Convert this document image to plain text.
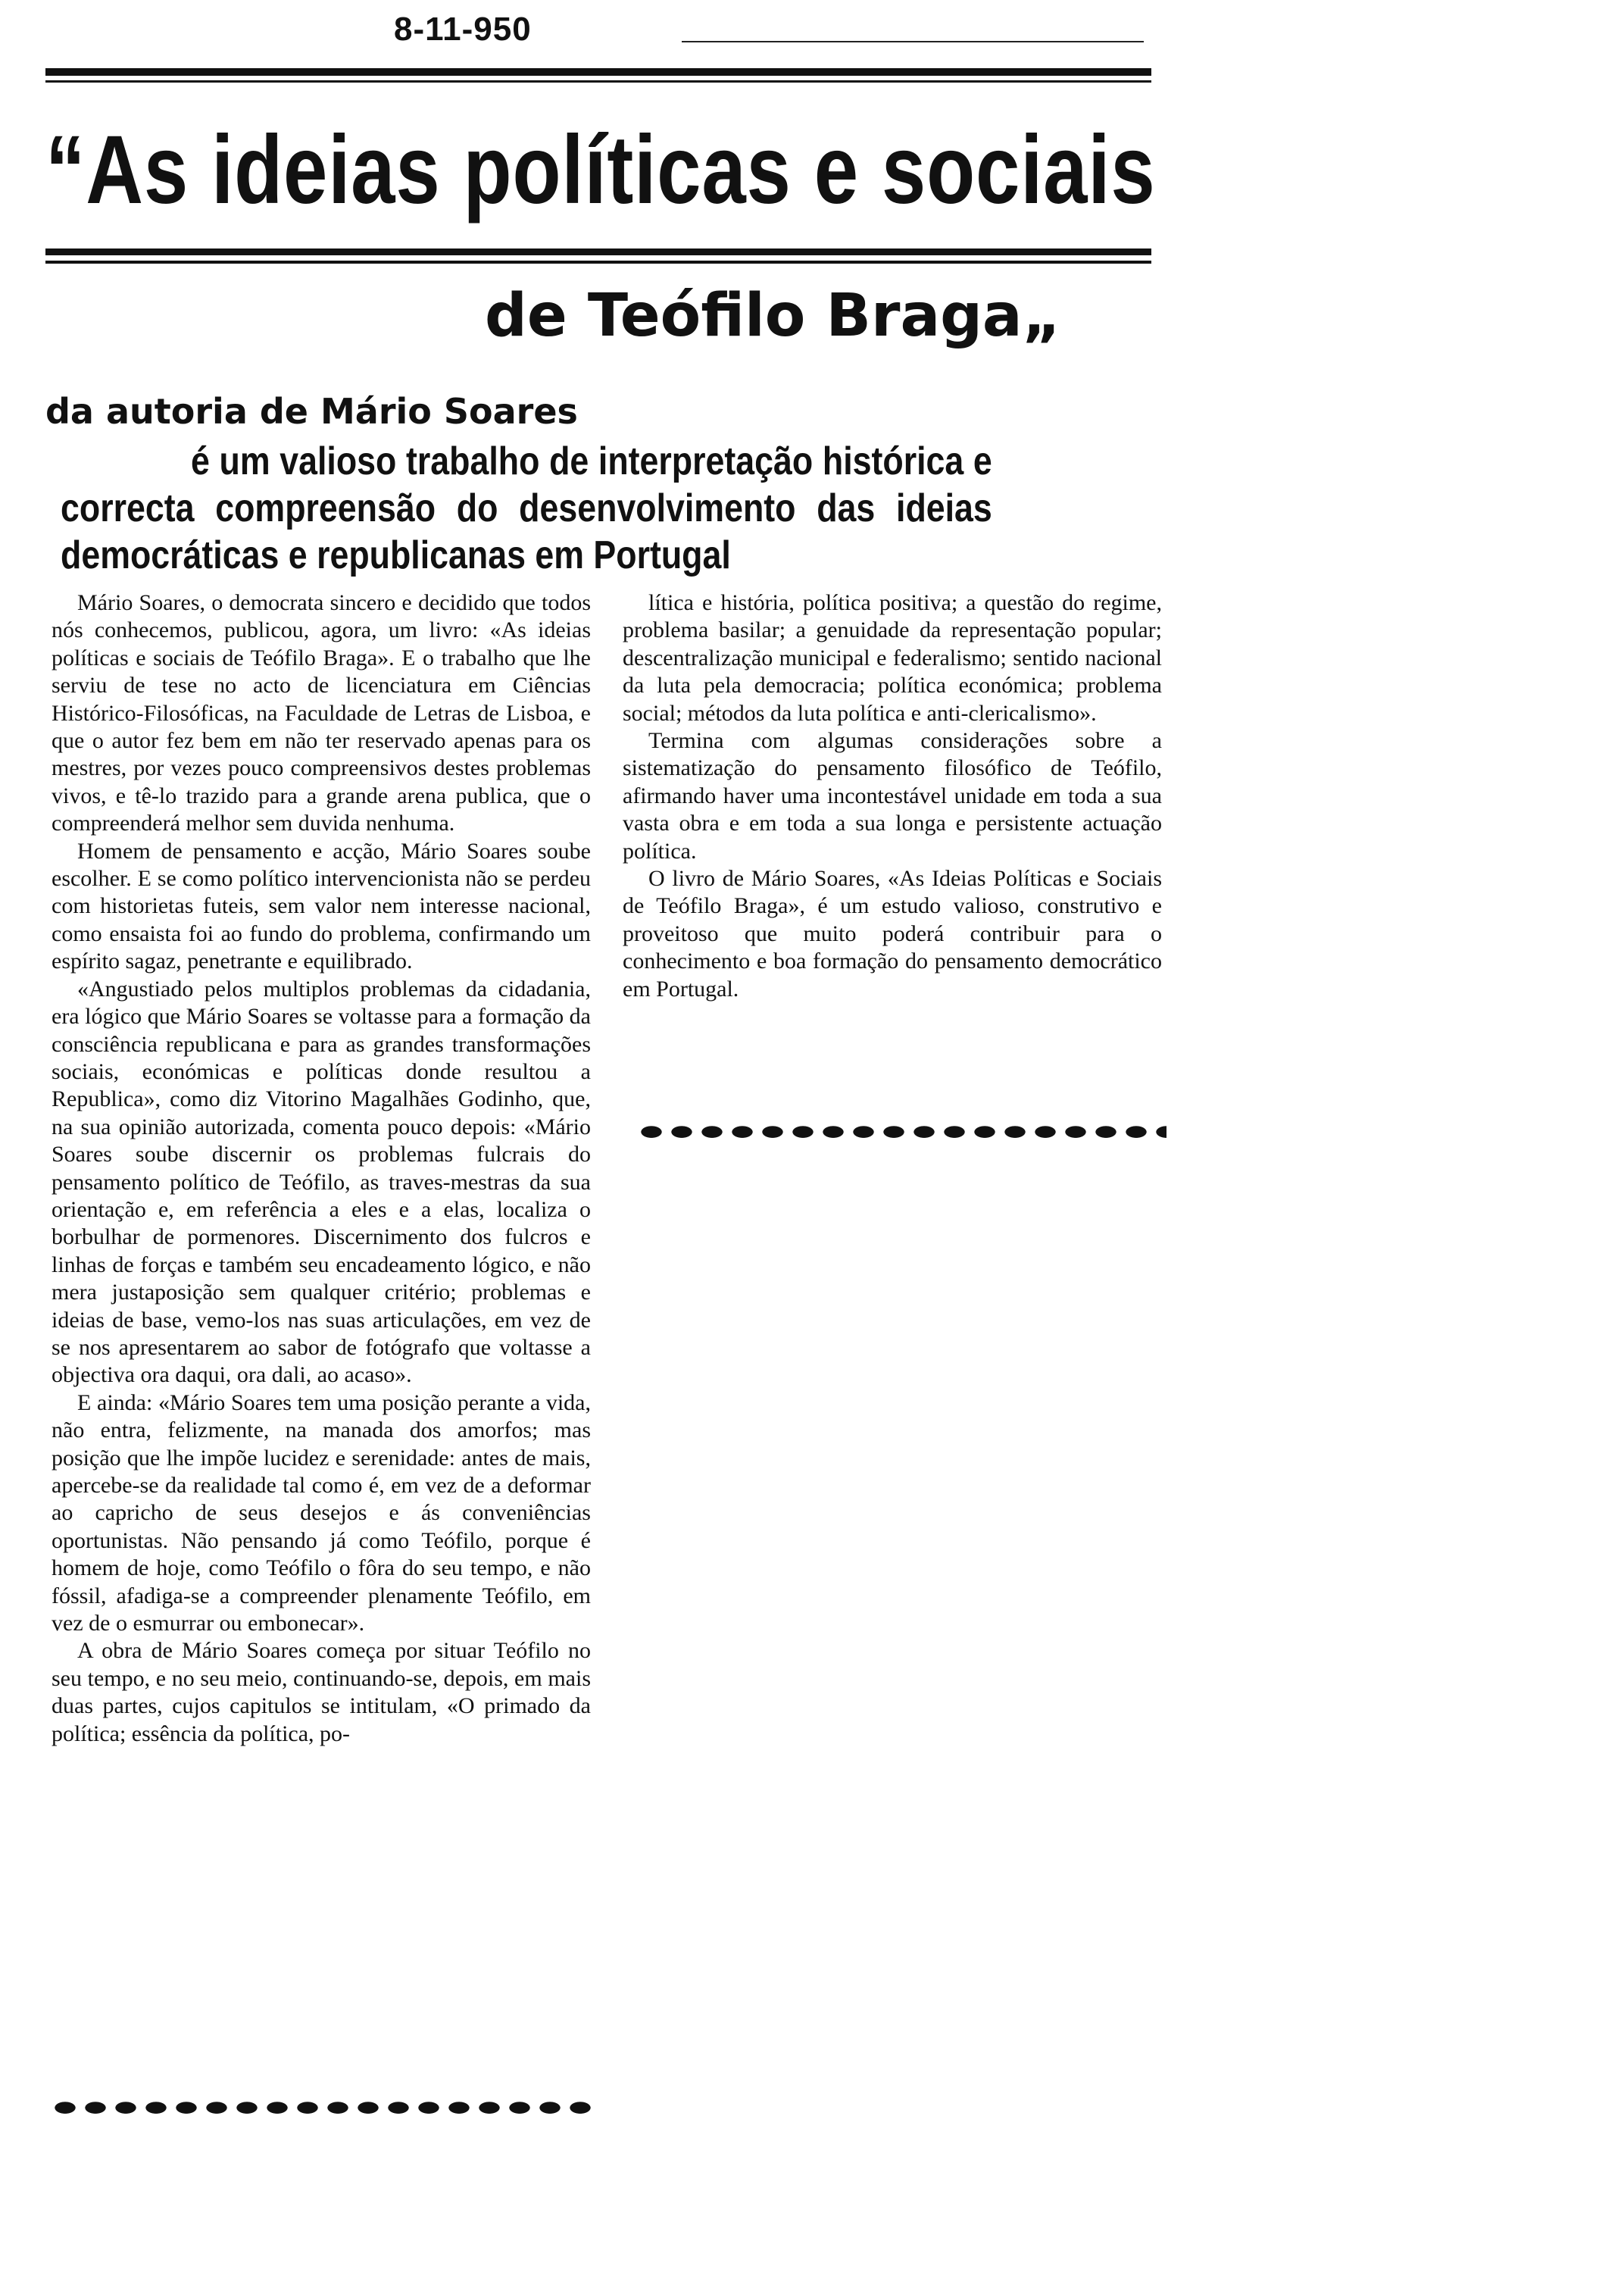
8-11-950
“As ideias políticas e sociais
de Teófilo Braga„
da autoria de Mário Soares
é um valioso trabalho de interpretação histórica e correcta compreensão do desenvolvimento das ideias democráticas e republicanas em Portugal

Mário Soares, o democrata sincero e decidido que todos nós conhecemos, publicou, agora, um livro: «As ideias políticas e sociais de Teófilo Braga». E o trabalho que lhe serviu de tese no acto de licenciatura em Ciências Histórico-Filosóficas, na Faculdade de Letras de Lisboa, e que o autor fez bem em não ter reservado apenas para os mestres, por vezes pouco compreensivos destes problemas vivos, e tê-lo trazido para a grande arena publica, que o compreenderá melhor sem duvida nenhuma.

Homem de pensamento e acção, Mário Soares soube escolher. E se como político intervencionista não se perdeu com historietas futeis, sem valor nem interesse nacional, como ensaista foi ao fundo do problema, confirmando um espírito sagaz, penetrante e equilibrado.

«Angustiado pelos multiplos problemas da cidadania, era lógico que Mário Soares se voltasse para a formação da consciência republicana e para as grandes transformações sociais, económicas e políticas donde resultou a Republica», como diz Vitorino Magalhães Godinho, que, na sua opinião autorizada, comenta pouco depois: «Mário Soares soube discernir os problemas fulcrais do pensamento político de Teófilo, as traves-mestras da sua orientação e, em referência a eles e a elas, localiza o borbulhar de pormenores. Discernimento dos fulcros e linhas de forças e também seu encadeamento lógico, e não mera justaposição sem qualquer critério; problemas e ideias de base, vemo-los nas suas articulações, em vez de se nos apresentarem ao sabor de fotógrafo que voltasse a objectiva ora daqui, ora dali, ao acaso».

E ainda: «Mário Soares tem uma posição perante a vida, não entra, felizmente, na manada dos amorfos; mas posição que lhe impõe lucidez e serenidade: antes de mais, apercebe-se da realidade tal como é, em vez de a deformar ao capricho de seus desejos e ás conveniências oportunistas. Não pensando já como Teófilo, porque é homem de hoje, como Teófilo o fôra do seu tempo, e não fóssil, afadiga-se a compreender plenamente Teófilo, em vez de o esmurrar ou embonecar».

A obra de Mário Soares começa por situar Teófilo no seu tempo, e no seu meio, continuando-se, depois, em mais duas partes, cujos capitulos se intitulam, «O primado da política; essência da política, po-

lítica e história, política positiva; a questão do regime, problema basilar; a genuidade da representação popular; descentralização municipal e federalismo; sentido nacional da luta pela democracia; política económica; problema social; métodos da luta política e anti-clericalismo».

Termina com algumas considerações sobre a sistematização do pensamento filosófico de Teófilo, afirmando haver uma incontestável unidade em toda a sua vasta obra e em toda a sua longa e persistente actuação política.

O livro de Mário Soares, «As Ideias Políticas e Sociais de Teófilo Braga», é um estudo valioso, construtivo e proveitoso que muito poderá contribuir para o conhecimento e boa formação do pensamento democrático em Portugal.
